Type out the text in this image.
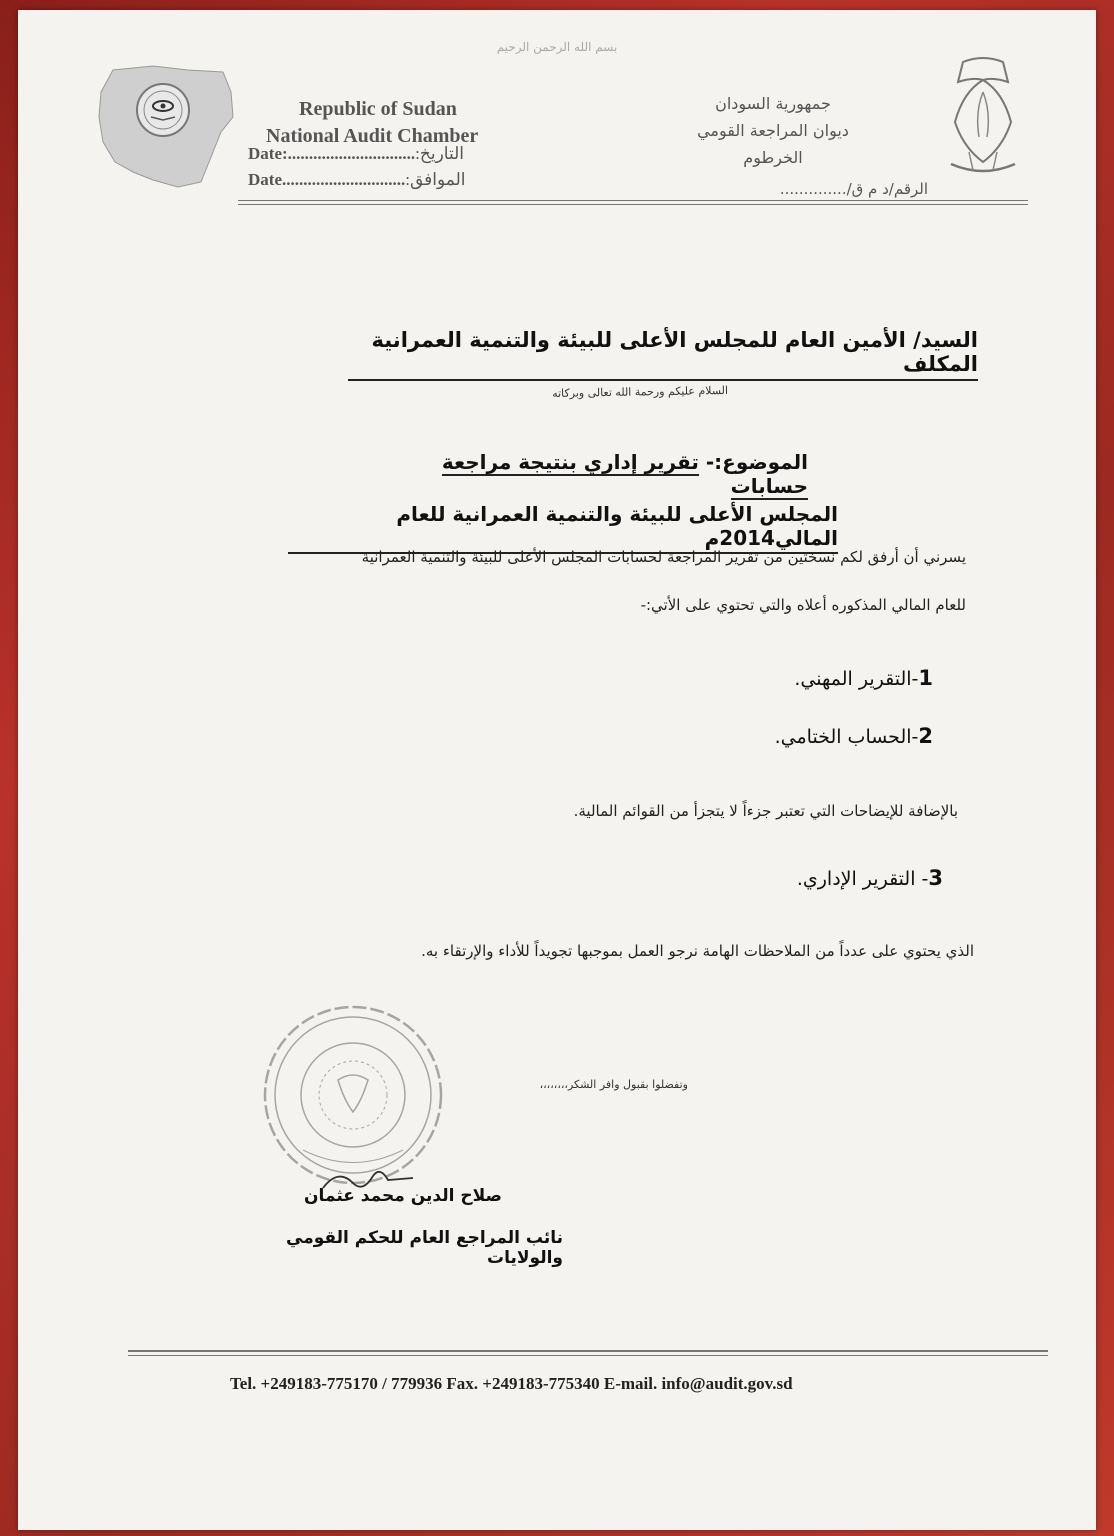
بسم الله الرحمن الرحيم
Republic of Sudan
National Audit Chamber
Date:..............................التاريخ:
Date.............................الموافق:
جمهورية السودان
ديوان المراجعة القومي
الخرطوم
الرقم/د م ق/..............
السيد/ الأمين العام للمجلس الأعلى للبيئة والتنمية العمرانية المكلف
السلام عليكم ورحمة الله تعالى وبركاته
الموضوع:- تقرير إداري بنتيجة مراجعة حسابات
المجلس الأعلى للبيئة والتنمية العمرانية للعام المالي2014م
يسرني أن أرفق لكم نسختين من تقرير المراجعة لحسابات المجلس الأعلى للبيئة والتنمية العمرانية
للعام المالي المذكوره أعلاه والتي تحتوي على الأتي:-
1-التقرير المهني.
2-الحساب الختامي.
بالإضافة للإيضاحات التي تعتبر جزءاً لا يتجزأ من القوائم المالية.
3- التقرير الإداري.
الذي يحتوي على عدداً من الملاحظات الهامة نرجو العمل بموجبها تجويداً للأداء والإرتقاء به.
وتفضلوا بقبول وافر الشكر،،،،،،،،
صلاح الدين محمد عثمان
نائب المراجع العام للحكم القومي والولايات
Tel. +249183-775170 / 779936 Fax. +249183-775340 E-mail. info@audit.gov.sd
